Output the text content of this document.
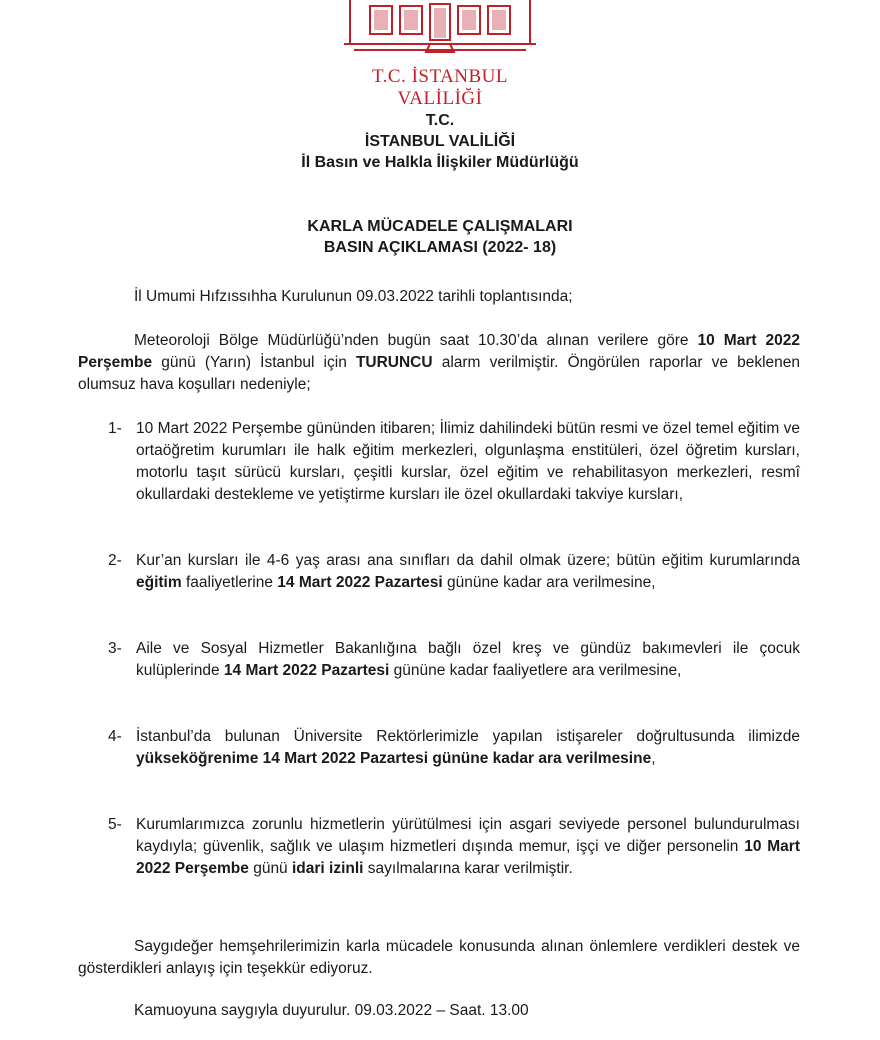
T.C. İSTANBUL VALİLİĞİ
T.C.
İSTANBUL VALİLİĞİ
İl Basın ve Halkla İlişkiler Müdürlüğü
KARLA MÜCADELE ÇALIŞMALARI
BASIN AÇIKLAMASI (2022- 18)
İl Umumi Hıfzıssıhha Kurulunun 09.03.2022 tarihli toplantısında;
Meteoroloji Bölge Müdürlüğü’nden bugün saat 10.30’da alınan verilere göre 10 Mart 2022 Perşembe günü (Yarın) İstanbul için TURUNCU alarm verilmiştir. Öngörülen raporlar ve beklenen olumsuz hava koşulları nedeniyle;
1- 10 Mart 2022 Perşembe gününden itibaren; İlimiz dahilindeki bütün resmi ve özel temel eğitim ve ortaöğretim kurumları ile halk eğitim merkezleri, olgunlaşma enstitüleri, özel öğretim kursları, motorlu taşıt sürücü kursları, çeşitli kurslar, özel eğitim ve rehabilitasyon merkezleri, resmî okullardaki destekleme ve yetiştirme kursları ile özel okullardaki takviye kursları,
2- Kur’an kursları ile 4-6 yaş arası ana sınıfları da dahil olmak üzere; bütün eğitim kurumlarında eğitim faaliyetlerine 14 Mart 2022 Pazartesi gününe kadar ara verilmesine,
3- Aile ve Sosyal Hizmetler Bakanlığına bağlı özel kreş ve gündüz bakımevleri ile çocuk kulüplerinde 14 Mart 2022 Pazartesi gününe kadar faaliyetlere ara verilmesine,
4- İstanbul’da bulunan Üniversite Rektörlerimizle yapılan istişareler doğrultusunda ilimizde yükseköğrenime 14 Mart 2022 Pazartesi gününe kadar ara verilmesine,
5- Kurumlarımızca zorunlu hizmetlerin yürütülmesi için asgari seviyede personel bulundurulması kaydıyla; güvenlik, sağlık ve ulaşım hizmetleri dışında memur, işçi ve diğer personelin 10 Mart 2022 Perşembe günü idari izinli sayılmalarına karar verilmiştir.
Saygıdeğer hemşehrilerimizin karla mücadele konusunda alınan önlemlere verdikleri destek ve gösterdikleri anlayış için teşekkür ediyoruz.
Kamuoyuna saygıyla duyurulur. 09.03.2022 – Saat. 13.00
